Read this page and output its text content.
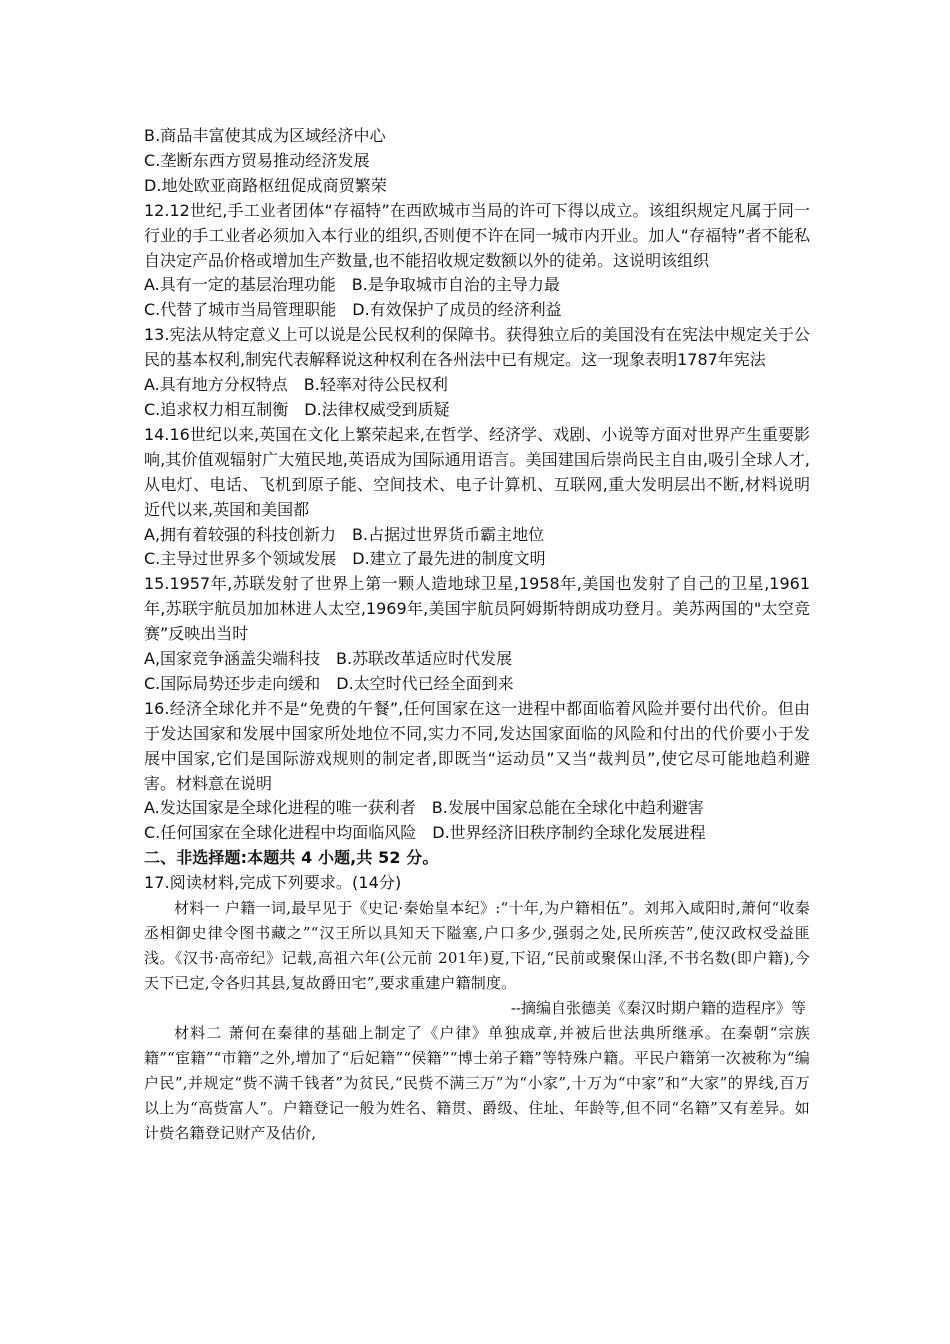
B.商品丰富使其成为区域经济中心
C.垄断东西方贸易推动经济发展
D.地处欧亚商路枢纽促成商贸繁荣
12.12世纪,手工业者团体“存福特”在西欧城市当局的许可下得以成立。该组织规定凡属于同一行业的手工业者必须加入本行业的组织,否则便不许在同一城市内开业。加人“存福特”者不能私自决定产品价格或增加生产数量,也不能招收规定数额以外的徒弟。这说明该组织
A.具有一定的基层治理功能 B.是争取城市自治的主导力最
C.代替了城市当局管理职能 D.有效保护了成员的经济利益
13.宪法从特定意义上可以说是公民权利的保障书。获得独立后的美国没有在宪法中规定关于公民的基本权利,制宪代表解释说这种权利在各州法中已有规定。这一现象表明1787年宪法
A.具有地方分权特点 B.轻率对待公民权利
C.追求权力相互制衡 D.法律权威受到质疑
14.16世纪以来,英国在文化上繁荣起来,在哲学、经济学、戏剧、小说等方面对世界产生重要影响,其价值观辐射广大殖民地,英语成为国际通用语言。美国建国后崇尚民主自由,吸引全球人才,从电灯、电话、飞机到原子能、空间技术、电子计算机、互联网,重大发明层出不断,材料说明近代以来,英国和美国都
A,拥有着较强的科技创新力 B.占据过世界货币霸主地位
C.主导过世界多个领域发展 D.建立了最先进的制度文明
15.1957年,苏联发射了世界上第一颗人造地球卫星,1958年,美国也发射了自己的卫星,1961年,苏联宇航员加加林进人太空,1969年,美国宇航员阿姆斯特朗成功登月。美苏两国的"太空竞赛”反映出当时
A,国家竞争涵盖尖端科技 B.苏联改革适应时代发展
C.国际局势还步走向缓和 D.太空时代已经全面到来
16.经济全球化并不是“免费的午餐”,任何国家在这一进程中都面临着风险并要付出代价。但由于发达国家和发展中国家所处地位不同,实力不同,发达国家面临的风险和付出的代价要小于发展中国家,它们是国际游戏规则的制定者,即既当“运动员”又当“裁判员”,使它尽可能地趋利避害。材料意在说明
A.发达国家是全球化进程的唯一获利者 B.发展中国家总能在全球化中趋利避害
C.任何国家在全球化进程中均面临风险 D.世界经济旧秩序制约全球化发展进程
二、非选择题:本题共 4 小题,共 52 分。
17.阅读材料,完成下列要求。(14分)
材料一 户籍一词,最早见于《史记·秦始皇本纪》:“十年,为户籍相伍”。刘邦入咸阳时,萧何“收秦丞相御史律令图书藏之”“汉王所以具知天下隘塞,户口多少,强弱之处,民所疾苦”,使汉政权受益匪浅。《汉书·高帝纪》记载,高祖六年(公元前 201年)夏,下诏,“民前或聚保山泽,不书名数(即户籍),今天下已定,令各归其县,复故爵田宅”,要求重建户籍制度。
--摘编自张德美《秦汉时期户籍的造程序》等
材料二 萧何在秦律的基础上制定了《户律》单独成章,并被后世法典所继承。在秦朝“宗族籍”“宦籍”“市籍”之外,增加了“后妃籍”“侯籍”“博士弟子籍”等特殊户籍。平民户籍第一次被称为“编户民”,并规定“赀不满千钱者”为贫民,“民赀不满三万”为“小家”,十万为“中家”和“大家”的界线,百万以上为“高赀富人”。户籍登记一般为姓名、籍贯、爵级、住址、年龄等,但不同“名籍”又有差异。如计赀名籍登记财产及估价,
